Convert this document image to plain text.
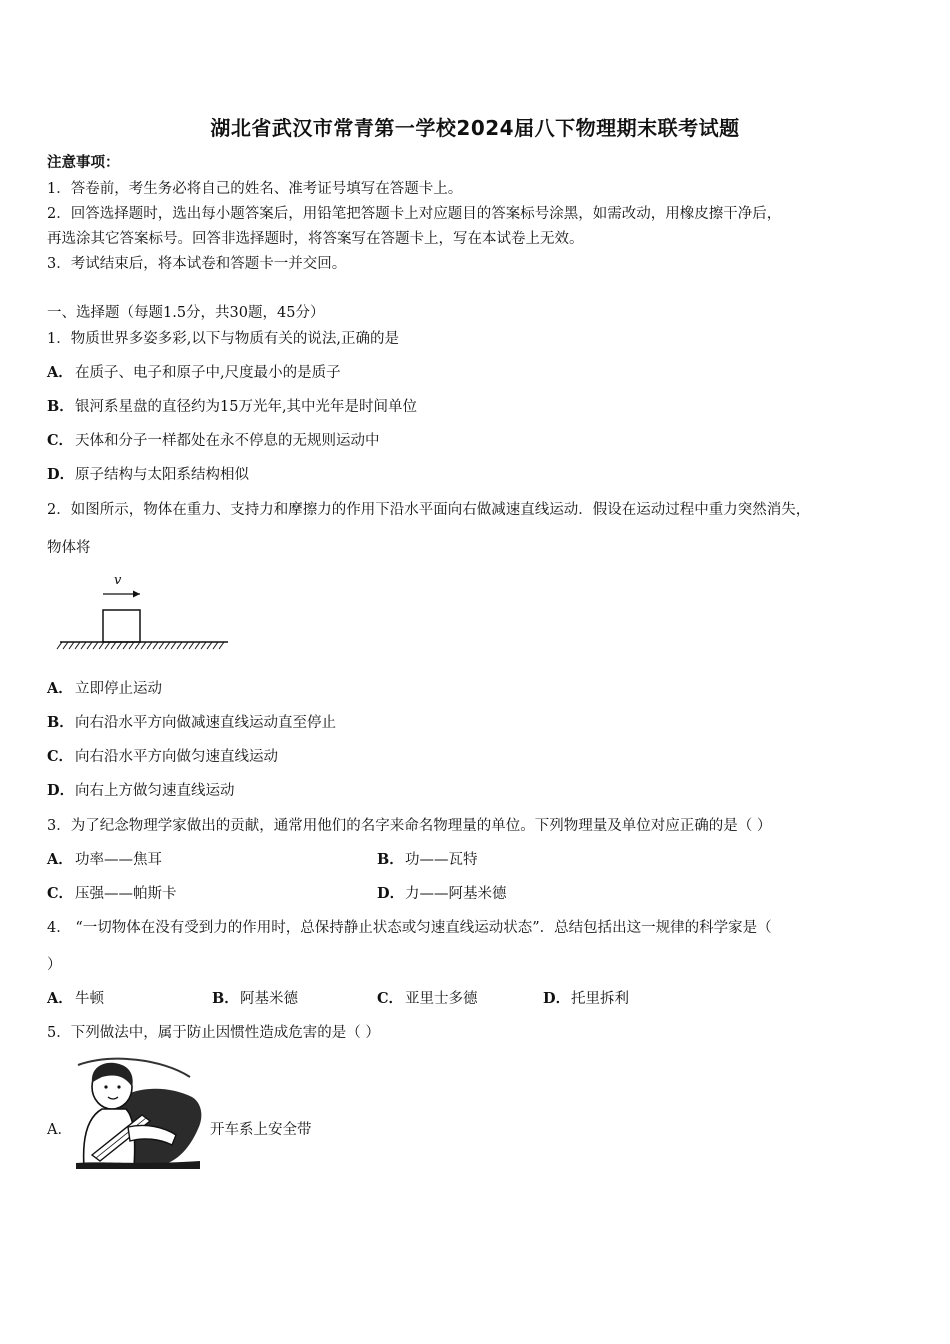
湖北省武汉市常青第一学校2024届八下物理期末联考试题
注意事项：
1．答卷前，考生务必将自己的姓名、准考证号填写在答题卡上。
2．回答选择题时，选出每小题答案后，用铅笔把答题卡上对应题目的答案标号涂黑，如需改动，用橡皮擦干净后，
再选涂其它答案标号。回答非选择题时，将答案写在答题卡上，写在本试卷上无效。
3．考试结束后，将本试卷和答题卡一并交回。
一、选择题（每题1.5分，共30题，45分）
1．物质世界多姿多彩,以下与物质有关的说法,正确的是
A． 在质子、电子和原子中,尺度最小的是质子
B．银河系星盘的直径约为15万光年,其中光年是时间单位
C． 天体和分子一样都处在永不停息的无规则运动中
D．原子结构与太阳系结构相似
2．如图所示，物体在重力、支持力和摩擦力的作用下沿水平面向右做减速直线运动．假设在运动过程中重力突然消失，
物体将
v
A． 立即停止运动
B．向右沿水平方向做减速直线运动直至停止
C． 向右沿水平方向做匀速直线运动
D．向右上方做匀速直线运动
3．为了纪念物理学家做出的贡献，通常用他们的名字来命名物理量的单位。下列物理量及单位对应正确的是（ ）
A． 功率——焦耳	B．功——瓦特
C． 压强——帕斯卡	D．力——阿基米德
4． “一切物体在没有受到力的作用时，总保持静止状态或匀速直线运动状态”．总结包括出这一规律的科学家是（
）
A． 牛顿	B．阿基米德	C． 亚里士多德	D．托里拆利
5．下列做法中，属于防止因惯性造成危害的是（ ）
A．	开车系上安全带
